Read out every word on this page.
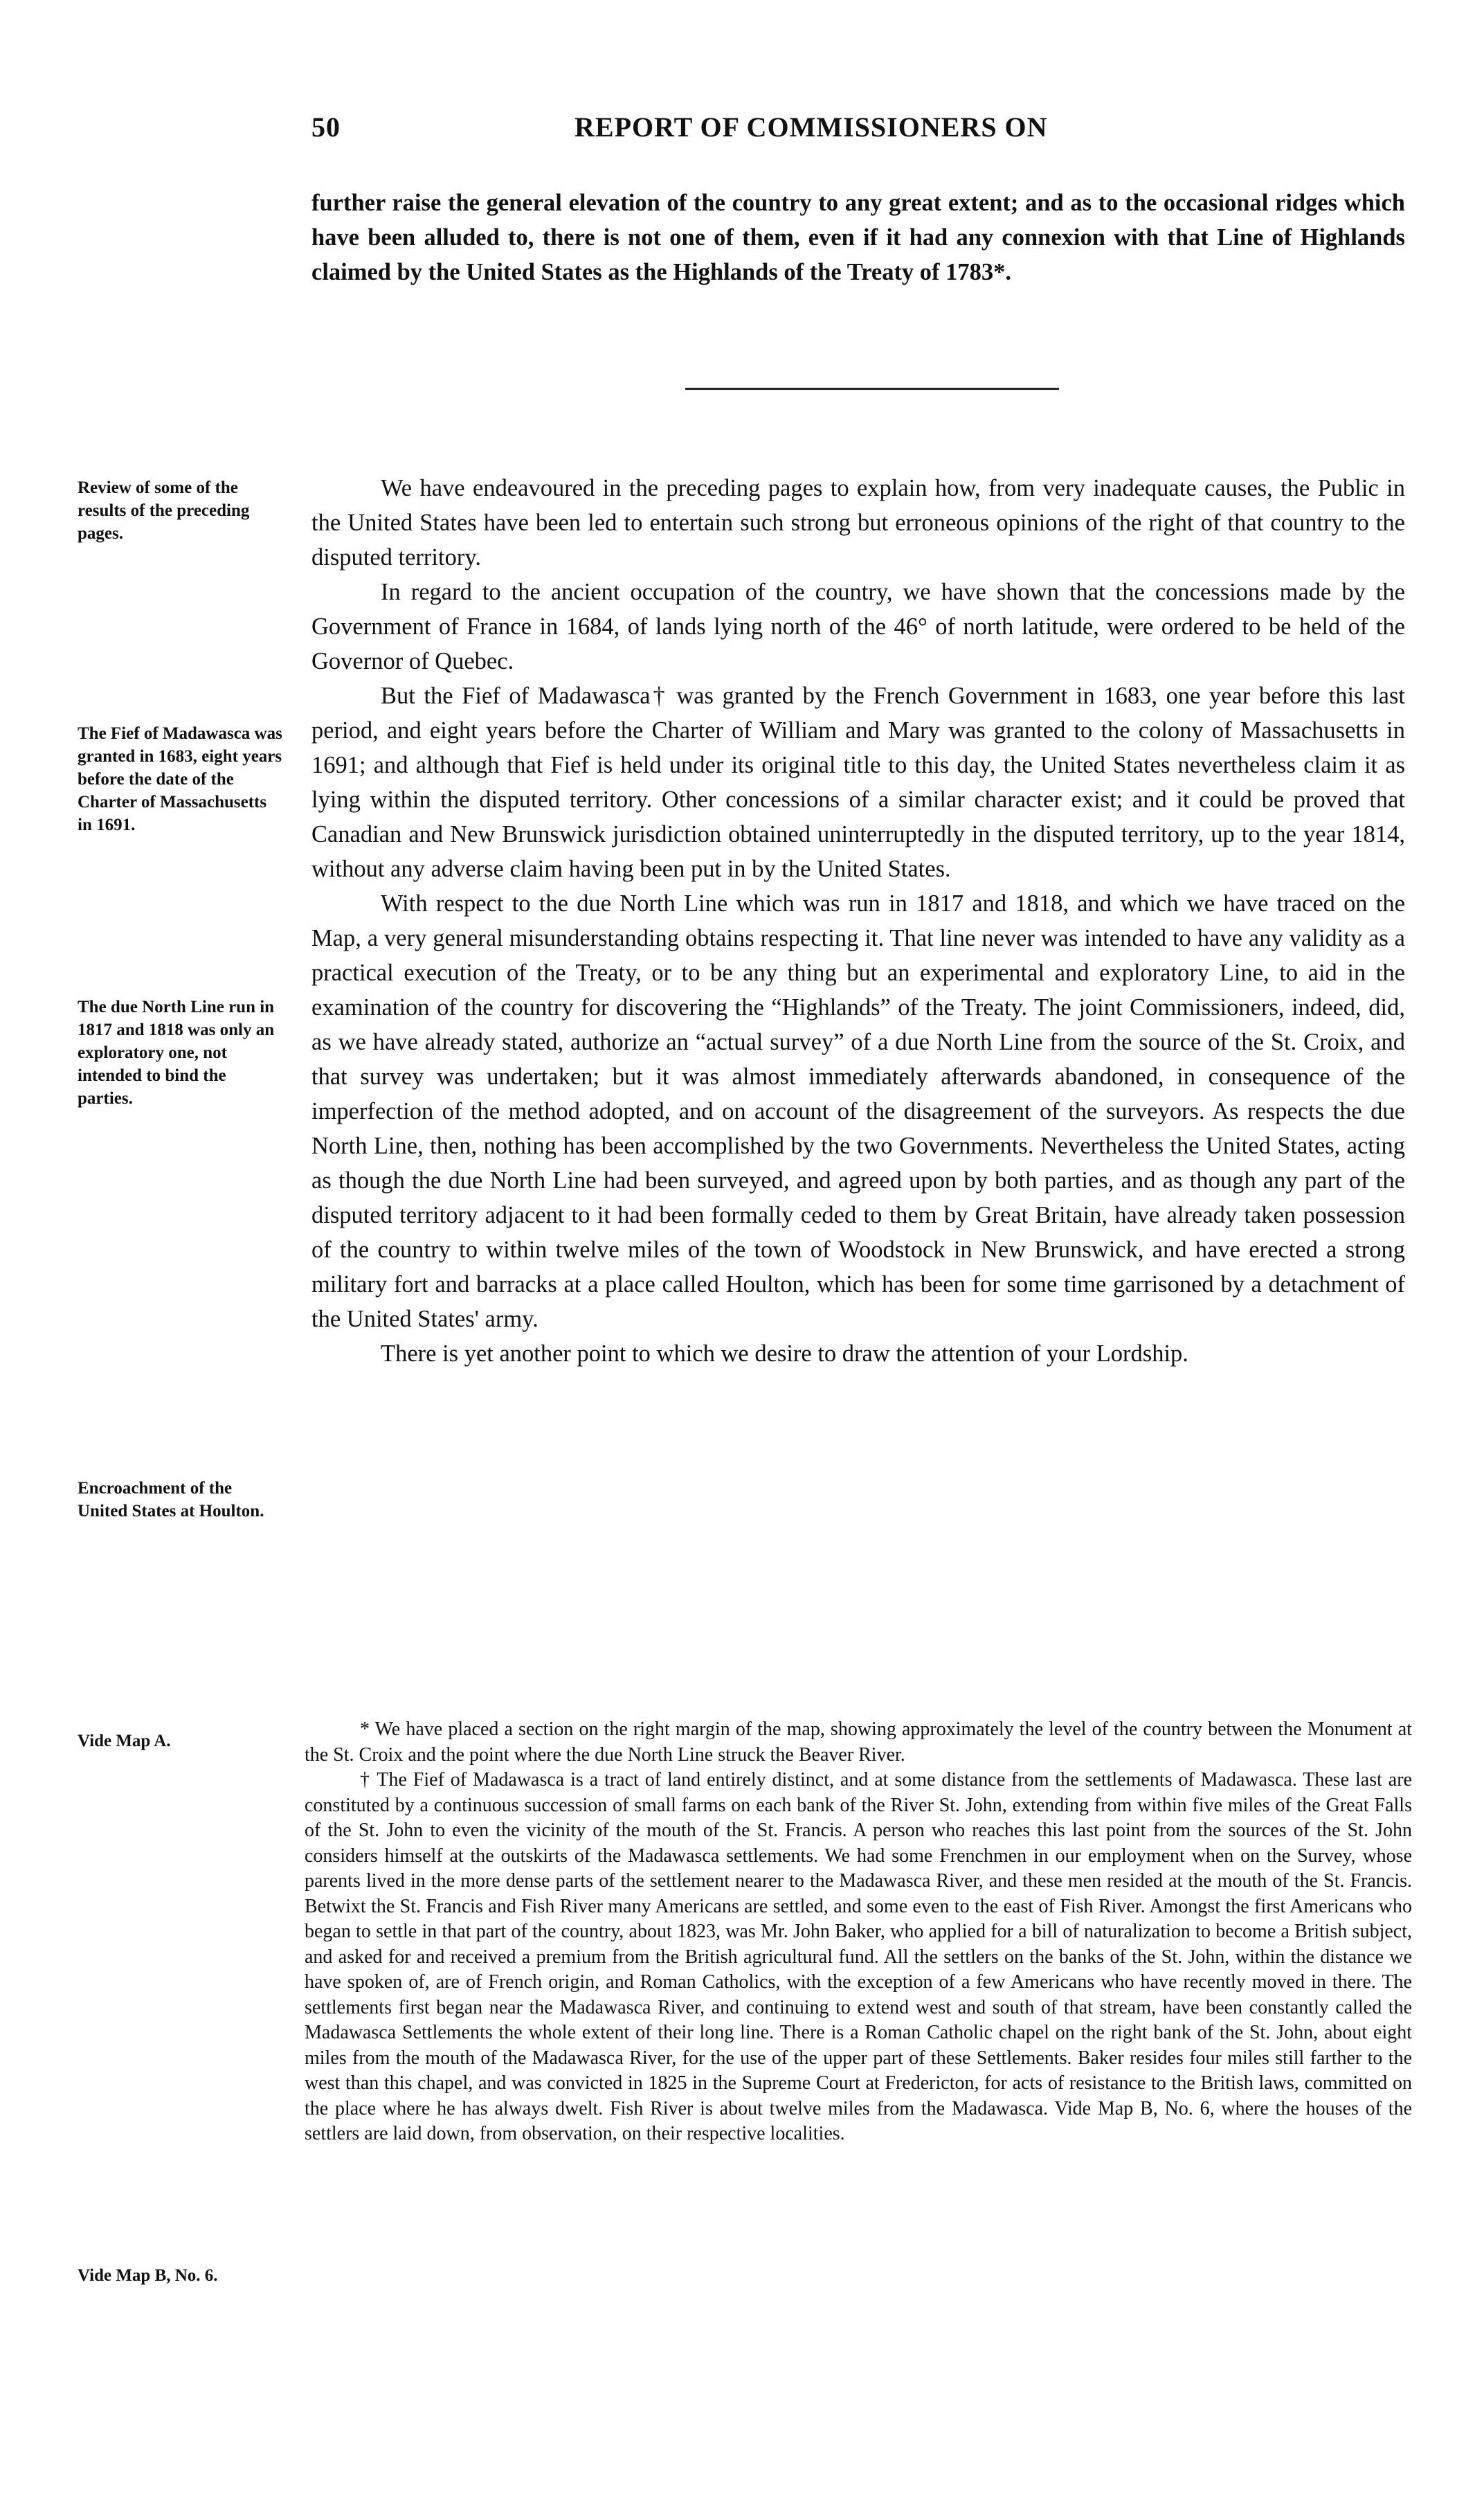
50	REPORT OF COMMISSIONERS ON

further raise the general elevation of the country to any great extent; and as to the occasional ridges which have been alluded to, there is not one of them, even if it had any connexion with that Line of Highlands claimed by the United States as the Highlands of the Treaty of 1783*.

Review of some of the results of the preceding pages.
The Fief of Madawasca was granted in 1683, eight years before the date of the Charter of Massachusetts in 1691.
The due North Line run in 1817 and 1818 was only an exploratory one, not intended to bind the parties.
Encroachment of the United States at Houlton.
Vide Map A.
Vide Map B, No. 6.

We have endeavoured in the preceding pages to explain how, from very inadequate causes, the Public in the United States have been led to entertain such strong but erroneous opinions of the right of that country to the disputed territory.

In regard to the ancient occupation of the country, we have shown that the concessions made by the Government of France in 1684, of lands lying north of the 46° of north latitude, were ordered to be held of the Governor of Quebec.

But the Fief of Madawasca† was granted by the French Government in 1683, one year before this last period, and eight years before the Charter of William and Mary was granted to the colony of Massachusetts in 1691; and although that Fief is held under its original title to this day, the United States nevertheless claim it as lying within the disputed territory. Other concessions of a similar character exist; and it could be proved that Canadian and New Brunswick jurisdiction obtained uninterruptedly in the disputed territory, up to the year 1814, without any adverse claim having been put in by the United States.

With respect to the due North Line which was run in 1817 and 1818, and which we have traced on the Map, a very general misunderstanding obtains respecting it. That line never was intended to have any validity as a practical execution of the Treaty, or to be any thing but an experimental and exploratory Line, to aid in the examination of the country for discovering the “Highlands” of the Treaty. The joint Commissioners, indeed, did, as we have already stated, authorize an “actual survey” of a due North Line from the source of the St. Croix, and that survey was undertaken; but it was almost immediately afterwards abandoned, in consequence of the imperfection of the method adopted, and on account of the disagreement of the surveyors. As respects the due North Line, then, nothing has been accomplished by the two Governments. Nevertheless the United States, acting as though the due North Line had been surveyed, and agreed upon by both parties, and as though any part of the disputed territory adjacent to it had been formally ceded to them by Great Britain, have already taken possession of the country to within twelve miles of the town of Woodstock in New Brunswick, and have erected a strong military fort and barracks at a place called Houlton, which has been for some time garrisoned by a detachment of the United States' army.

There is yet another point to which we desire to draw the attention of your Lordship.

* We have placed a section on the right margin of the map, showing approximately the level of the country between the Monument at the St. Croix and the point where the due North Line struck the Beaver River.

† The Fief of Madawasca is a tract of land entirely distinct, and at some distance from the settlements of Madawasca. These last are constituted by a continuous succession of small farms on each bank of the River St. John, extending from within five miles of the Great Falls of the St. John to even the vicinity of the mouth of the St. Francis. A person who reaches this last point from the sources of the St. John considers himself at the outskirts of the Madawasca settlements. We had some Frenchmen in our employment when on the Survey, whose parents lived in the more dense parts of the settlement nearer to the Madawasca River, and these men resided at the mouth of the St. Francis. Betwixt the St. Francis and Fish River many Americans are settled, and some even to the east of Fish River. Amongst the first Americans who began to settle in that part of the country, about 1823, was Mr. John Baker, who applied for a bill of naturalization to become a British subject, and asked for and received a premium from the British agricultural fund. All the settlers on the banks of the St. John, within the distance we have spoken of, are of French origin, and Roman Catholics, with the exception of a few Americans who have recently moved in there. The settlements first began near the Madawasca River, and continuing to extend west and south of that stream, have been constantly called the Madawasca Settlements the whole extent of their long line. There is a Roman Catholic chapel on the right bank of the St. John, about eight miles from the mouth of the Madawasca River, for the use of the upper part of these Settlements. Baker resides four miles still farther to the west than this chapel, and was convicted in 1825 in the Supreme Court at Fredericton, for acts of resistance to the British laws, committed on the place where he has always dwelt. Fish River is about twelve miles from the Madawasca. Vide Map B, No. 6, where the houses of the settlers are laid down, from observation, on their respective localities.
